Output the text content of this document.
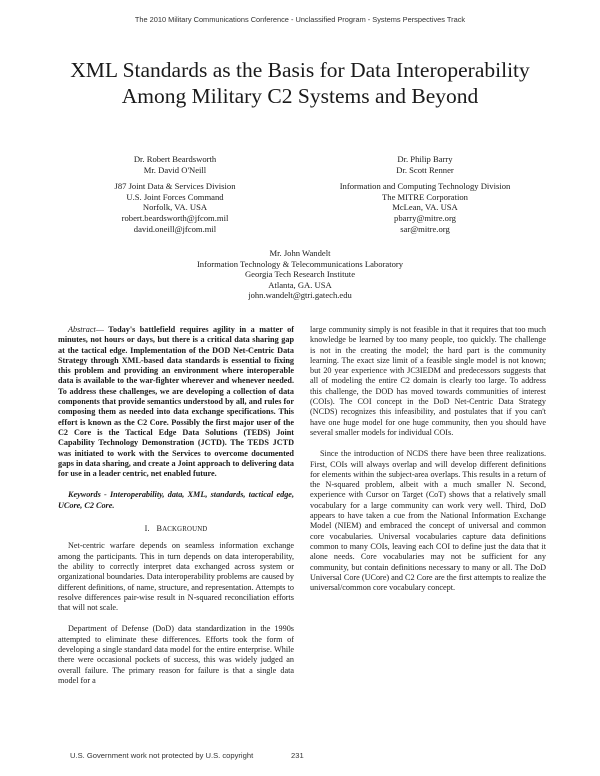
The 2010 Military Communications Conference - Unclassified Program - Systems Perspectives Track
XML Standards as the Basis for Data Interoperability Among Military C2 Systems and Beyond
Dr. Robert Beardsworth
Mr. David O'Neill
J87 Joint Data & Services Division
U.S. Joint Forces Command
Norfolk, VA. USA
robert.beardsworth@jfcom.mil
david.oneill@jfcom.mil
Dr. Philip Barry
Dr. Scott Renner
Information and Computing Technology Division
The MITRE Corporation
McLean, VA. USA
pbarry@mitre.org
sar@mitre.org
Mr. John Wandelt
Information Technology & Telecommunications Laboratory
Georgia Tech Research Institute
Atlanta, GA. USA
john.wandelt@gtri.gatech.edu

Abstract— Today's battlefield requires agility in a matter of minutes, not hours or days, but there is a critical data sharing gap at the tactical edge. Implementation of the DOD Net-Centric Data Strategy through XML-based data standards is essential to fixing this problem and providing an environment where interoperable data is available to the war-fighter wherever and whenever needed. To address these challenges, we are developing a collection of data components that provide semantics understood by all, and rules for composing them as needed into data exchange specifications. This effort is known as the C2 Core. Possibly the first major user of the C2 Core is the Tactical Edge Data Solutions (TEDS) Joint Capability Technology Demonstration (JCTD). The TEDS JCTD was initiated to work with the Services to overcome documented gaps in data sharing, and create a Joint approach to delivering data for use in a leader centric, net enabled future.

Keywords - Interoperability, data, XML, standards, tactical edge, UCore, C2 Core.

I. BACKGROUND

Net-centric warfare depends on seamless information exchange among the participants. This in turn depends on data interoperability, the ability to correctly interpret data exchanged across system or organizational boundaries. Data interoperability problems are caused by different definitions, of name, structure, and representation. Attempts to resolve differences pair-wise result in N-squared reconciliation efforts that will not scale.

Department of Defense (DoD) data standardization in the 1990s attempted to eliminate these differences. Efforts took the form of developing a single standard data model for the entire enterprise. While there were occasional pockets of success, this was widely judged an overall failure. The primary reason for failure is that a single data model for a

large community simply is not feasible in that it requires that too much knowledge be learned by too many people, too quickly. The challenge is not in the creating the model; the hard part is the community learning. The exact size limit of a feasible single model is not known; but 20 year experience with JC3IEDM and predecessors suggests that all of modeling the entire C2 domain is clearly too large. To address this challenge, the DOD has moved towards communities of interest (COIs). The COI concept in the DoD Net-Centric Data Strategy (NCDS) recognizes this infeasibility, and postulates that if you can't have one huge model for one huge community, then you should have several smaller models for individual COIs.

Since the introduction of NCDS there have been three realizations. First, COIs will always overlap and will develop different definitions for elements within the subject-area overlaps. This results in a return of the N-squared problem, albeit with a much smaller N. Second, experience with Cursor on Target (CoT) shows that a relatively small vocabulary for a large community can work very well. Third, DoD appears to have taken a cue from the National Information Exchange Model (NIEM) and embraced the concept of universal and common core vocabularies. Universal vocabularies capture data definitions common to many COIs, leaving each COI to define just the data that it alone needs. Core vocabularies may not be sufficient for any community, but contain definitions necessary to many or all. The DoD Universal Core (UCore) and C2 Core are the first attempts to realize the universal/common core vocabulary concept.

U.S. Government work not protected by U.S. copyright	231
